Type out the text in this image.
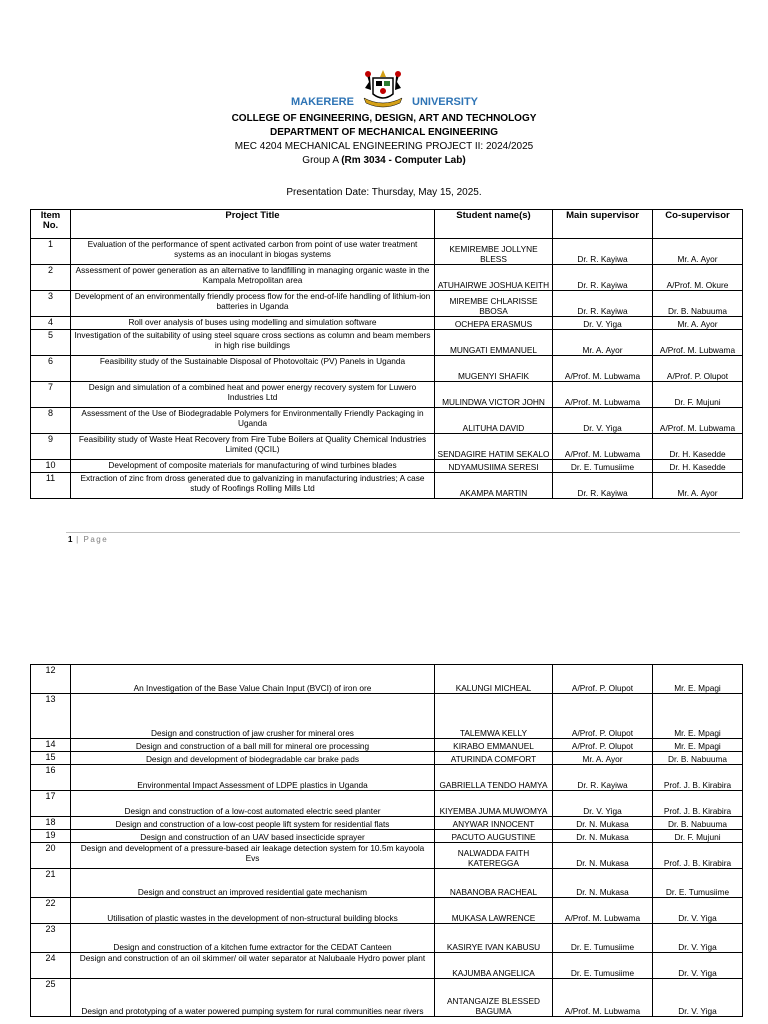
MAKERERE	UNIVERSITY
COLLEGE OF ENGINEERING, DESIGN, ART AND TECHNOLOGY
DEPARTMENT OF MECHANICAL ENGINEERING
MEC 4204 MECHANICAL ENGINEERING PROJECT II: 2024/2025
Group A (Rm 3034 - Computer Lab)
Presentation Date: Thursday, May 15, 2025.
Item No.	Project Title	Student name(s)	Main supervisor	Co-supervisor
1	Evaluation of the performance of spent activated carbon from point of use water treatment systems as an inoculant in biogas systems	KEMIREMBE JOLLYNE BLESS	Dr. R. Kayiwa	Mr. A. Ayor
2	Assessment of power generation as an alternative to landfilling in managing organic waste in the Kampala Metropolitan area	ATUHAIRWE JOSHUA KEITH	Dr. R. Kayiwa	A/Prof. M. Okure
3	Development of an environmentally friendly process flow for the end-of-life handling of lithium-ion batteries in Uganda	MIREMBE CHLARISSE BBOSA	Dr. R. Kayiwa	Dr. B. Nabuuma
4	Roll over analysis of buses using modelling and simulation software	OCHEPA ERASMUS	Dr. V. Yiga	Mr. A. Ayor
5	Investigation of the suitability of using steel square cross sections as column and beam members in high rise buildings	MUNGATI EMMANUEL	Mr. A. Ayor	A/Prof. M. Lubwama
6	Feasibility study of the Sustainable Disposal of Photovoltaic (PV) Panels in Uganda	MUGENYI SHAFIK	A/Prof. M. Lubwama	A/Prof. P. Olupot
7	Design and simulation of a combined heat and power energy recovery system for Luwero Industries Ltd	MULINDWA VICTOR JOHN	A/Prof. M. Lubwama	Dr. F. Mujuni
8	Assessment of the Use of Biodegradable Polymers for Environmentally Friendly Packaging in Uganda	ALITUHA DAVID	Dr. V. Yiga	A/Prof. M. Lubwama
9	Feasibility study of Waste Heat Recovery from Fire Tube Boilers at Quality Chemical Industries Limited (QCIL)	SENDAGIRE HATIM SEKALO	A/Prof. M. Lubwama	Dr. H. Kasedde
10	Development of composite materials for manufacturing of wind turbines blades	NDYAMUSIIMA SERESI	Dr. E. Tumusiime	Dr. H. Kasedde
11	Extraction of zinc from dross generated due to galvanizing in manufacturing industries; A case study of Roofings Rolling Mills Ltd	AKAMPA MARTIN	Dr. R. Kayiwa	Mr. A. Ayor
1 | Page
12	An Investigation of the Base Value Chain Input (BVCI) of iron ore	KALUNGI MICHEAL	A/Prof. P. Olupot	Mr. E. Mpagi
13	Design and construction of jaw crusher for mineral ores	TALEMWA KELLY	A/Prof. P. Olupot	Mr. E. Mpagi
14	Design and construction of a ball mill for mineral ore processing	KIRABO EMMANUEL	A/Prof. P. Olupot	Mr. E. Mpagi
15	Design and development of biodegradable car brake pads	ATURINDA COMFORT	Mr. A. Ayor	Dr. B. Nabuuma
16	Environmental Impact Assessment of LDPE plastics in Uganda	GABRIELLA TENDO HAMYA	Dr. R. Kayiwa	Prof. J. B. Kirabira
17	Design and construction of a low-cost automated electric seed planter	KIYEMBA JUMA MUWOMYA	Dr. V. Yiga	Prof. J. B. Kirabira
18	Design and construction of a low-cost people lift system for residential flats	ANYWAR INNOCENT	Dr. N. Mukasa	Dr. B. Nabuuma
19	Design and construction of an UAV based insecticide sprayer	PACUTO AUGUSTINE	Dr. N. Mukasa	Dr. F. Mujuni
20	Design and development of a pressure-based air leakage detection system for 10.5m kayoola Evs	NALWADDA FAITH KATEREGGA	Dr. N. Mukasa	Prof. J. B. Kirabira
21	Design and construct an improved residential gate mechanism	NABANOBA RACHEAL	Dr. N. Mukasa	Dr. E. Tumusiime
22	Utilisation of plastic wastes in the development of non-structural building blocks	MUKASA LAWRENCE	A/Prof. M. Lubwama	Dr. V. Yiga
23	Design and construction of a kitchen fume extractor for the CEDAT Canteen	KASIRYE IVAN KABUSU	Dr. E. Tumusiime	Dr. V. Yiga
24	Design and construction of an oil skimmer/ oil water separator at Nalubaale Hydro power plant	KAJUMBA ANGELICA	Dr. E. Tumusiime	Dr. V. Yiga
25	Design and prototyping of a water powered pumping system for rural communities near rivers	ANTANGAIZE BLESSED BAGUMA	A/Prof. M. Lubwama	Dr. V. Yiga
